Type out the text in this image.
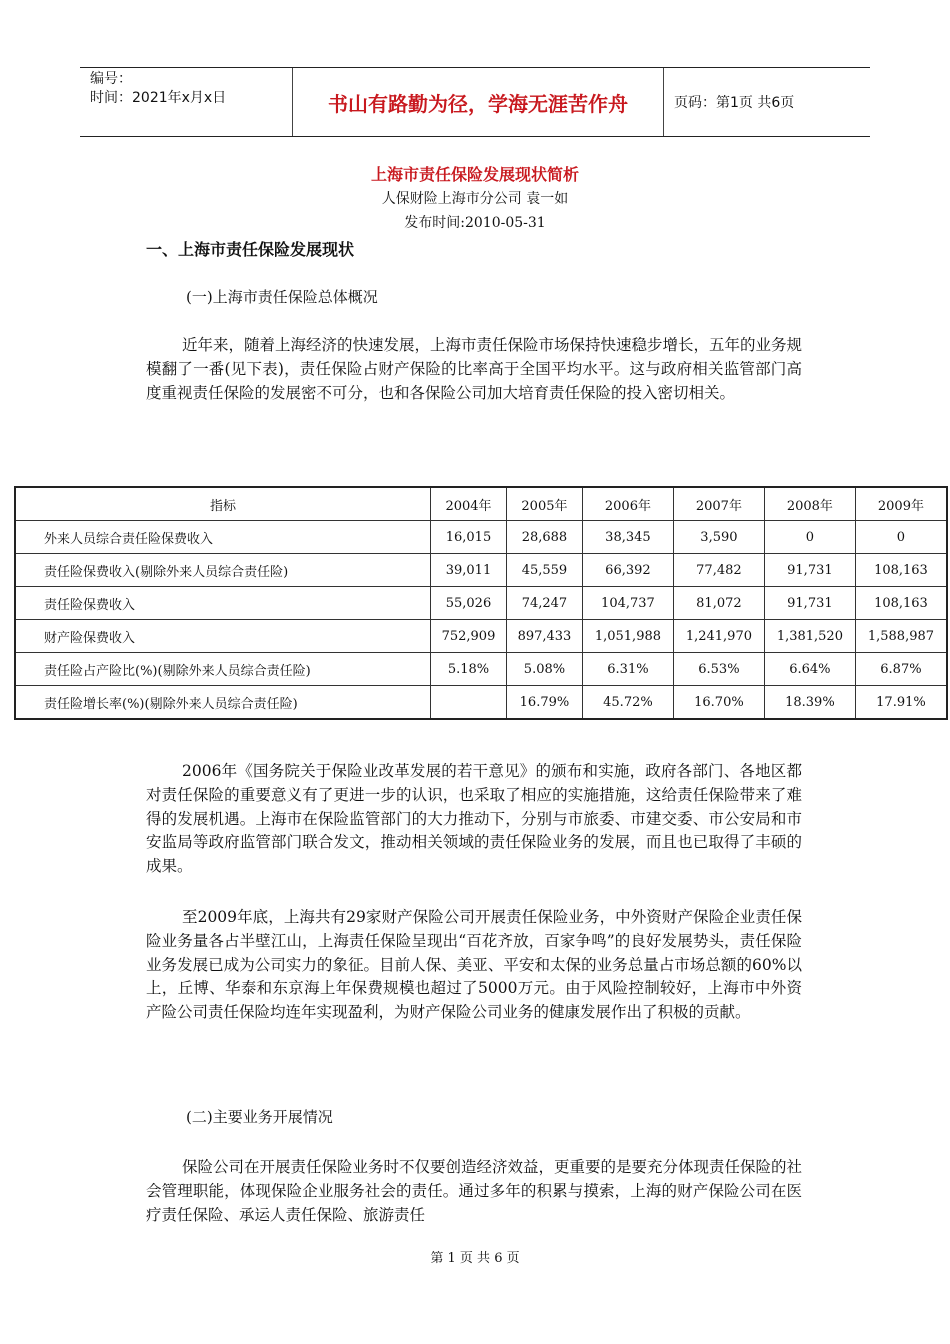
编号：
时间：2021年x月x日	书山有路勤为径，学海无涯苦作舟	页码：第1页 共6页
上海市责任保险发展现状简析
人保财险上海市分公司 袁一如
发布时间:2010-05-31
一、上海市责任保险发展现状
(一)上海市责任保险总体概况

近年来，随着上海经济的快速发展，上海市责任保险市场保持快速稳步增长，五年的业务规模翻了一番(见下表)，责任保险占财产保险的比率高于全国平均水平。这与政府相关监管部门高度重视责任保险的发展密不可分，也和各保险公司加大培育责任保险的投入密切相关。

指标	2004年	2005年	2006年	2007年	2008年	2009年
外来人员综合责任险保费收入	16,015	28,688	38,345	3,590	0	0
责任险保费收入(剔除外来人员综合责任险)	39,011	45,559	66,392	77,482	91,731	108,163
责任险保费收入	55,026	74,247	104,737	81,072	91,731	108,163
财产险保费收入	752,909	897,433	1,051,988	1,241,970	1,381,520	1,588,987
责任险占产险比(%)(剔除外来人员综合责任险)	5.18%	5.08%	6.31%	6.53%	6.64%	6.87%
责任险增长率(%)(剔除外来人员综合责任险)		16.79%	45.72%	16.70%	18.39%	17.91%

2006年《国务院关于保险业改革发展的若干意见》的颁布和实施，政府各部门、各地区都对责任保险的重要意义有了更进一步的认识，也采取了相应的实施措施，这给责任保险带来了难得的发展机遇。上海市在保险监管部门的大力推动下，分别与市旅委、市建交委、市公安局和市安监局等政府监管部门联合发文，推动相关领域的责任保险业务的发展，而且也已取得了丰硕的成果。

至2009年底，上海共有29家财产保险公司开展责任保险业务，中外资财产保险企业责任保险业务量各占半壁江山，上海责任保险呈现出“百花齐放，百家争鸣”的良好发展势头，责任保险业务发展已成为公司实力的象征。目前人保、美亚、平安和太保的业务总量占市场总额的60%以上，丘博、华泰和东京海上年保费规模也超过了5000万元。由于风险控制较好，上海市中外资产险公司责任保险均连年实现盈利，为财产保险公司业务的健康发展作出了积极的贡献。

(二)主要业务开展情况

保险公司在开展责任保险业务时不仅要创造经济效益，更重要的是要充分体现责任保险的社会管理职能，体现保险企业服务社会的责任。通过多年的积累与摸索，上海的财产保险公司在医疗责任保险、承运人责任保险、旅游责任

第 1 页 共 6 页
